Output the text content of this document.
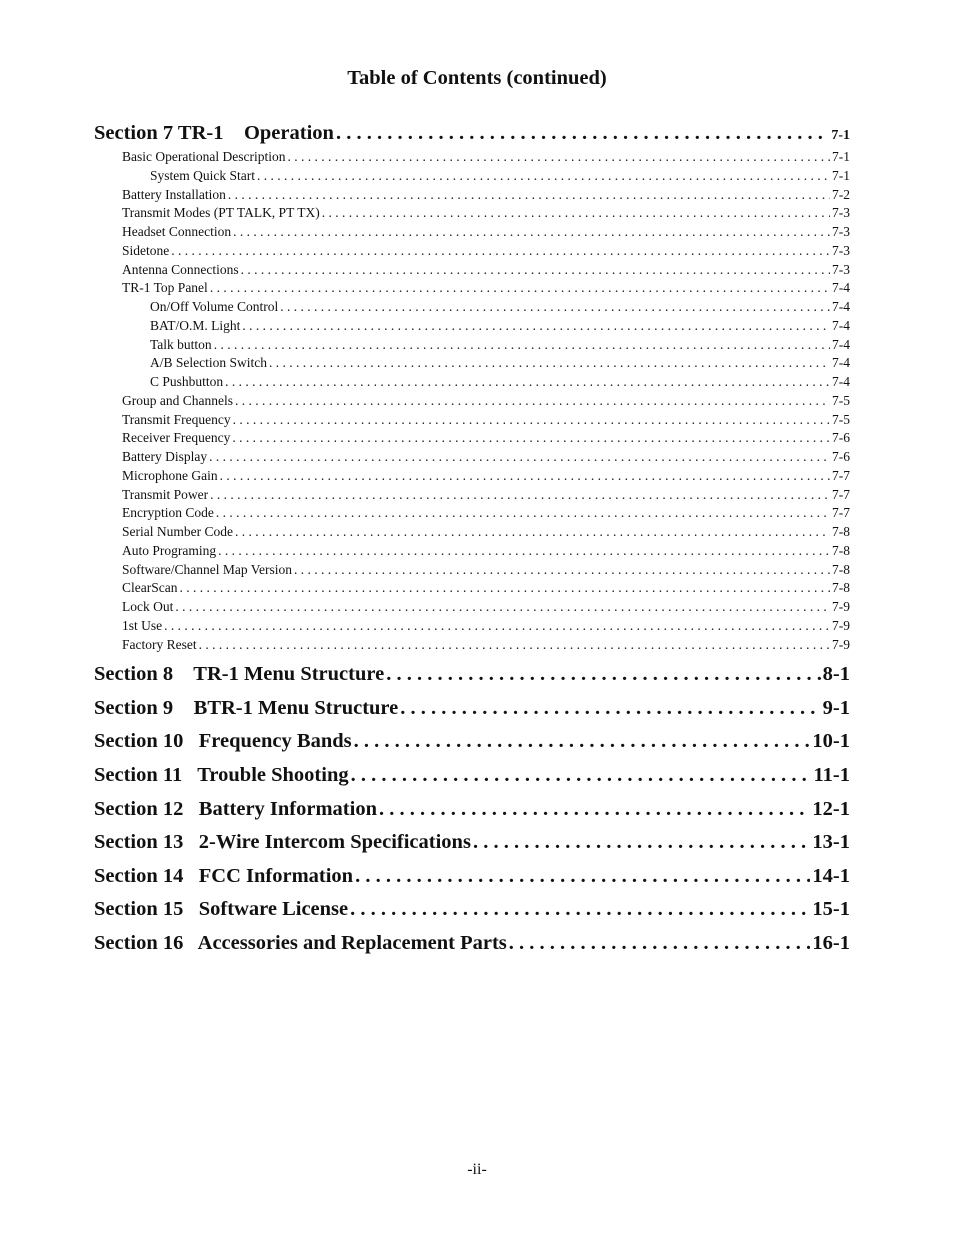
Table of Contents (continued)
Section 7 TR-1    Operation . . .	7-1
Basic Operational Description . . .	7-1
System Quick Start . . .	7-1
Battery Installation . . .	7-2
Transmit Modes (PT TALK, PT TX) . . .	7-3
Headset Connection . . .	7-3
Sidetone . . .	7-3
Antenna Connections . . .	7-3
TR-1 Top Panel . . .	7-4
On/Off Volume Control . . .	7-4
BAT/O.M. Light . . .	7-4
Talk button . . .	7-4
A/B Selection Switch . . .	7-4
C Pushbutton . . .	7-4
Group and Channels . . .	7-5
Transmit Frequency . . .	7-5
Receiver Frequency . . .	7-6
Battery Display . . .	7-6
Microphone Gain . . .	7-7
Transmit Power . . .	7-7
Encryption Code . . .	7-7
Serial Number Code . . .	7-8
Auto Programing . . .	7-8
Software/Channel Map Version . . .	7-8
ClearScan . . .	7-8
Lock Out . . .	7-9
1st Use . . .	7-9
Factory Reset . . .	7-9
Section 8    TR-1 Menu Structure . . .	8-1
Section 9    BTR-1 Menu Structure . . .	9-1
Section 10   Frequency Bands . . .	10-1
Section 11   Trouble Shooting . . .	11-1
Section 12   Battery Information . . .	12-1
Section 13   2-Wire Intercom Specifications . . .	13-1
Section 14   FCC Information . . .	14-1
Section 15   Software License . . .	15-1
Section 16   Accessories and Replacement Parts . . .	16-1
-ii-
